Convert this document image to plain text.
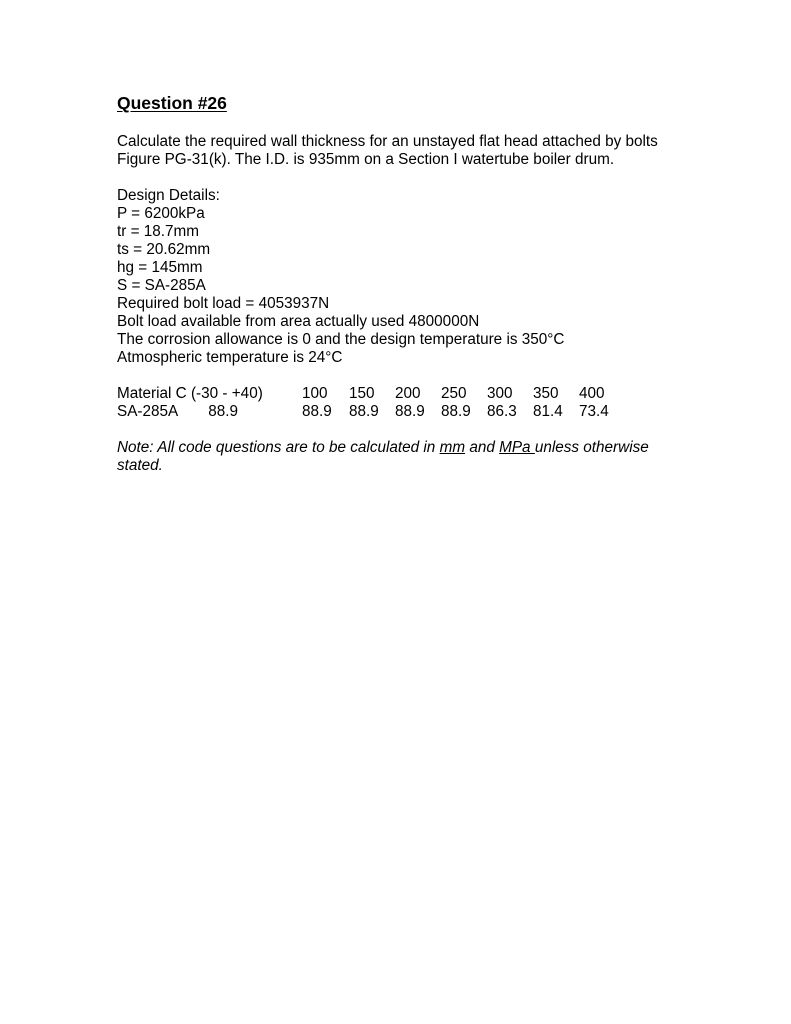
Question #26

Calculate the required wall thickness for an unstayed flat head attached by bolts

Figure PG-31(k). The I.D. is 935mm on a Section I watertube boiler drum.

Design Details:

P = 6200kPa

tr = 18.7mm

ts = 20.62mm

hg = 145mm

S = SA-285A

Required bolt load = 4053937N

Bolt load available from area actually used 4800000N

The corrosion allowance is 0 and the design temperature is 350°C

Atmospheric temperature is 24°C

Material C (-30 - +40)	100	150	200	250	300	350	400
SA-285A 88.9	88.9	88.9	88.9	88.9	86.3	81.4	73.4

Note: All code questions are to be calculated in mm and MPa unless otherwise stated.
